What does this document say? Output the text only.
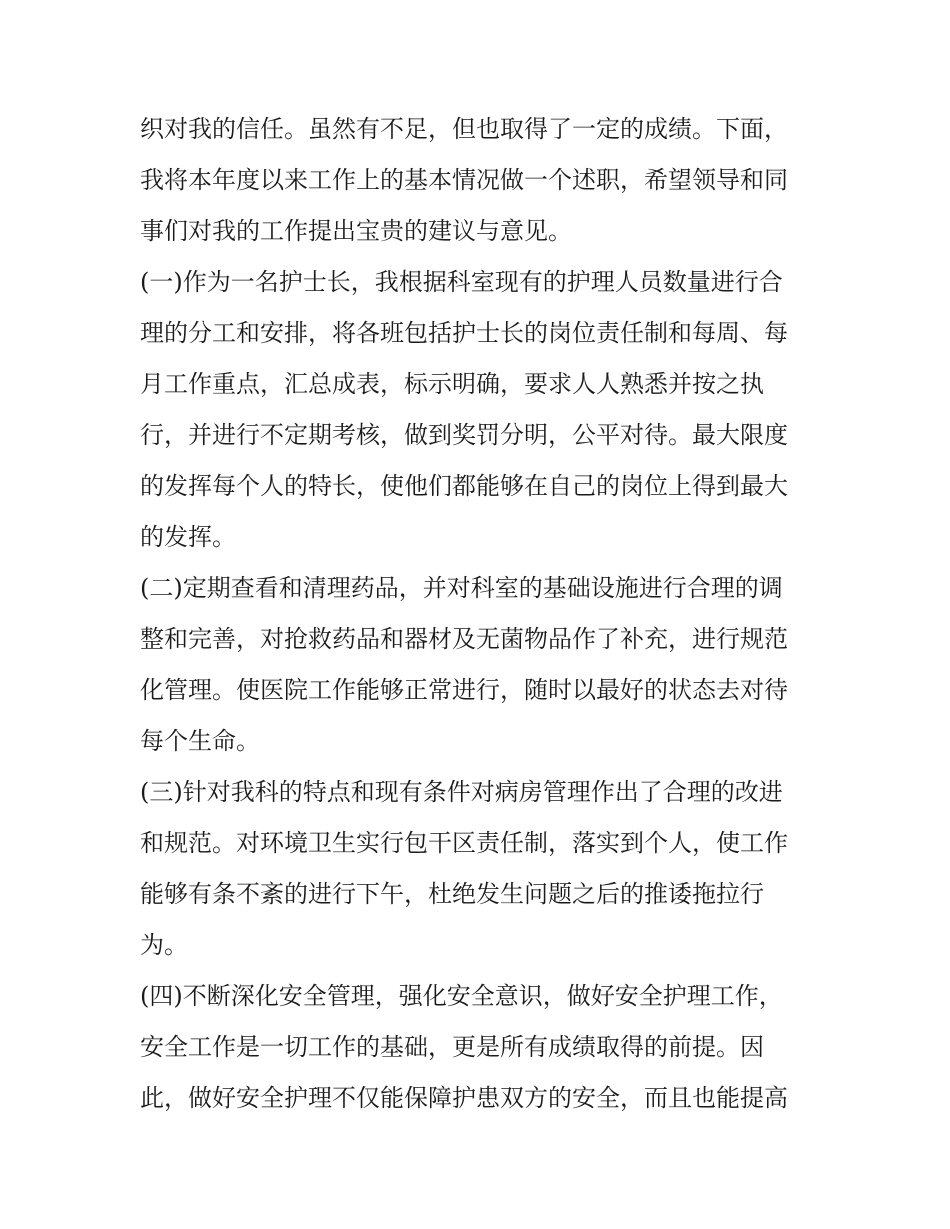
织对我的信任。虽然有不足，但也取得了一定的成绩。下面，
我将本年度以来工作上的基本情况做一个述职，希望领导和同
事们对我的工作提出宝贵的建议与意见。
(一)作为一名护士长，我根据科室现有的护理人员数量进行合
理的分工和安排，将各班包括护士长的岗位责任制和每周、每
月工作重点，汇总成表，标示明确，要求人人熟悉并按之执
行，并进行不定期考核，做到奖罚分明，公平对待。最大限度
的发挥每个人的特长，使他们都能够在自己的岗位上得到最大
的发挥。
(二)定期查看和清理药品，并对科室的基础设施进行合理的调
整和完善，对抢救药品和器材及无菌物品作了补充，进行规范
化管理。使医院工作能够正常进行，随时以最好的状态去对待
每个生命。
(三)针对我科的特点和现有条件对病房管理作出了合理的改进
和规范。对环境卫生实行包干区责任制，落实到个人，使工作
能够有条不紊的进行下午，杜绝发生问题之后的推诿拖拉行
为。
(四)不断深化安全管理，强化安全意识，做好安全护理工作，
安全工作是一切工作的基础，更是所有成绩取得的前提。因
此，做好安全护理不仅能保障护患双方的安全，而且也能提高
